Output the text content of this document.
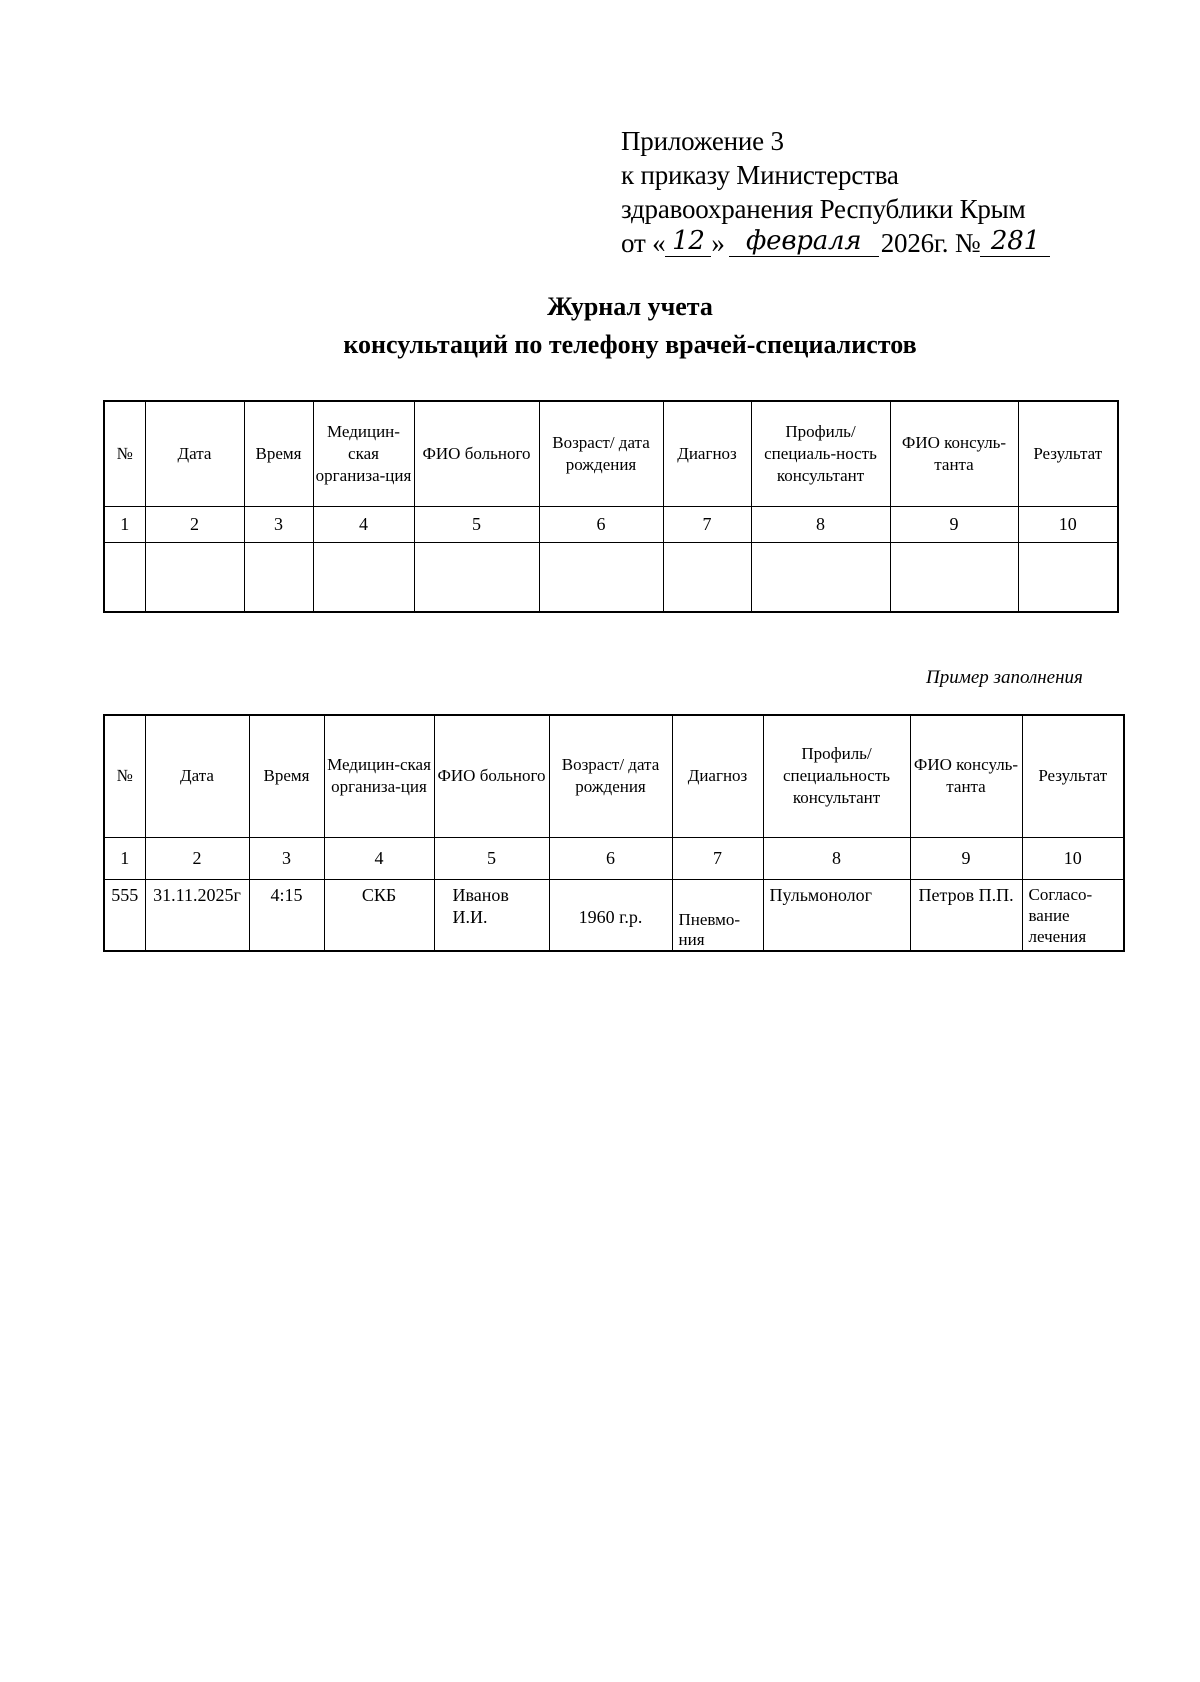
Приложение 3
к приказу Министерства
здравоохранения Республики Крым
от « 12 » февраля 2026г. № 281
Журнал учета
консультаций по телефону врачей-специалистов
№	Дата	Время	Медицин-ская организа-ция	ФИО больного	Возраст/ дата рождения	Диагноз	Профиль/ специаль-ность консультант	ФИО консуль-танта	Результат
1	2	3	4	5	6	7	8	9	10

Пример заполнения
№	Дата	Время	Медицин-ская организа-ция	ФИО больного	Возраст/ дата рождения	Диагноз	Профиль/ специальность консультант	ФИО консуль-танта	Результат
1	2	3	4	5	6	7	8	9	10
555	31.11.2025г	4:15	СКБ	Иванов И.И.	1960 г.р.	Пневмо-ния	Пульмонолог	Петров П.П.	Согласо-вание лечения
